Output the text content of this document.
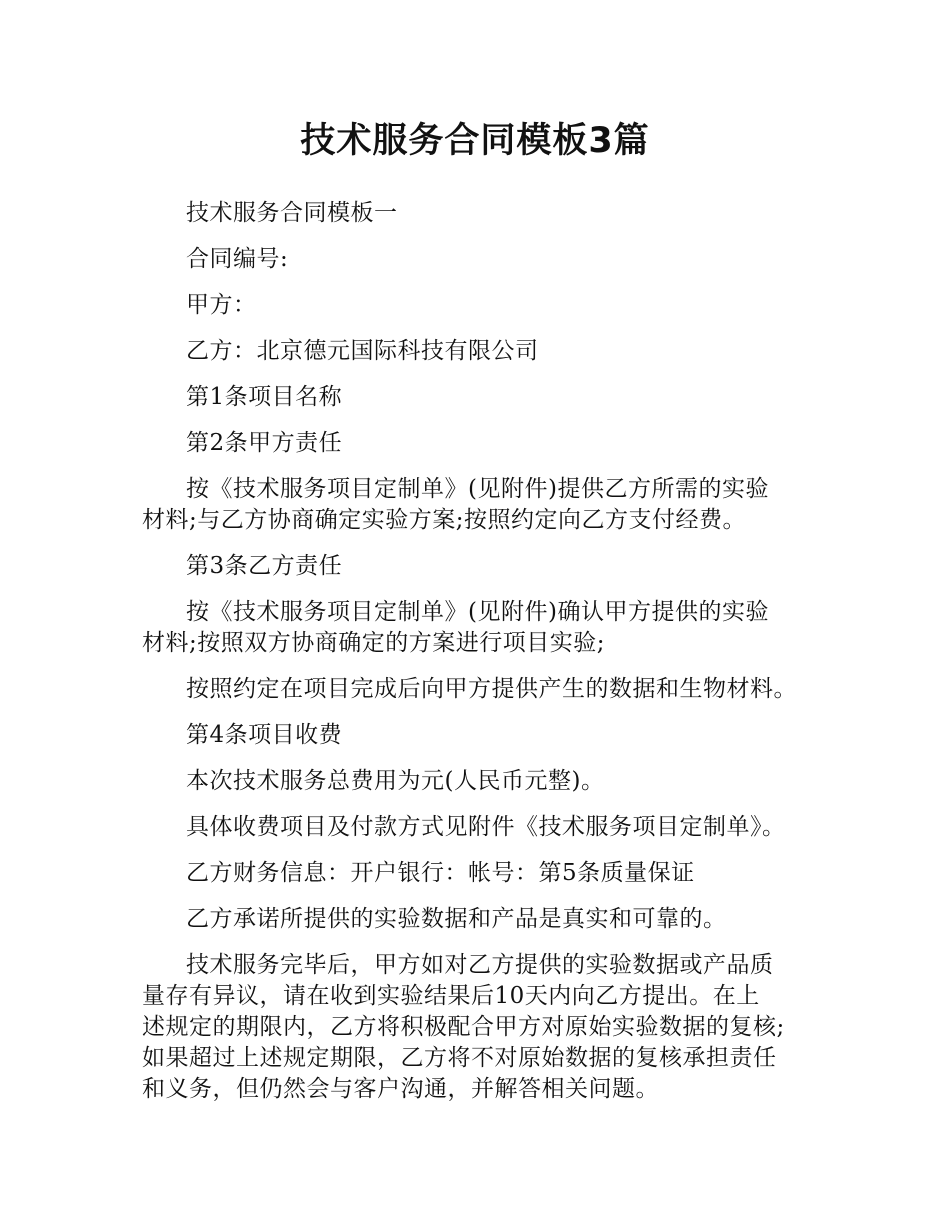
技术服务合同模板3篇

技术服务合同模板一

合同编号:

甲方：

乙方：北京德元国际科技有限公司

第1条项目名称

第2条甲方责任

按《技术服务项目定制单》(见附件)提供乙方所需的实验
材料;与乙方协商确定实验方案;按照约定向乙方支付经费。

第3条乙方责任

按《技术服务项目定制单》(见附件)确认甲方提供的实验
材料;按照双方协商确定的方案进行项目实验;

按照约定在项目完成后向甲方提供产生的数据和生物材料。

第4条项目收费

本次技术服务总费用为元(人民币元整)。

具体收费项目及付款方式见附件《技术服务项目定制单》。

乙方财务信息：开户银行：帐号：第5条质量保证

乙方承诺所提供的实验数据和产品是真实和可靠的。

技术服务完毕后，甲方如对乙方提供的实验数据或产品质
量存有异议，请在收到实验结果后10天内向乙方提出。在上
述规定的期限内，乙方将积极配合甲方对原始实验数据的复核;
如果超过上述规定期限，乙方将不对原始数据的复核承担责任
和义务，但仍然会与客户沟通，并解答相关问题。
